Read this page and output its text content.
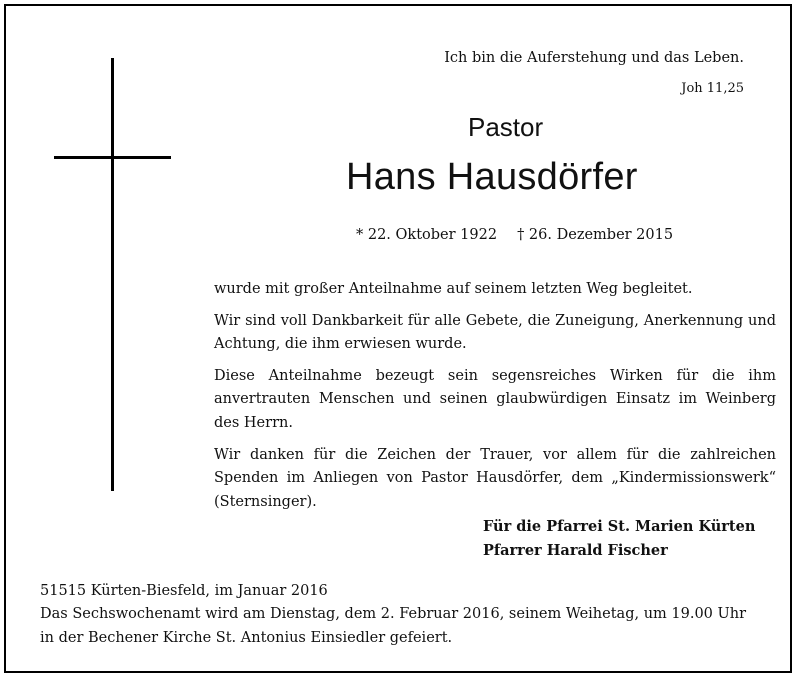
Ich bin die Auferstehung und das Leben.
Joh 11,25
Pastor
Hans Hausdörfer
* 22. Oktober 1922 † 26. Dezember 2015

wurde mit großer Anteilnahme auf seinem letzten Weg begleitet.

Wir sind voll Dankbarkeit für alle Gebete, die Zuneigung, Anerkennung und Achtung, die ihm erwiesen wurde.

Diese Anteilnahme bezeugt sein segensreiches Wirken für die ihm anvertrauten Menschen und seinen glaubwürdigen Einsatz im Weinberg des Herrn.

Wir danken für die Zeichen der Trauer, vor allem für die zahlreichen Spenden im Anliegen von Pastor Hausdörfer, dem „Kindermissionswerk“ (Sternsinger).

Für die Pfarrei St. Marien Kürten
Pfarrer Harald Fischer
51515 Kürten-Biesfeld, im Januar 2016
Das Sechswochenamt wird am Dienstag, dem 2. Februar 2016, seinem Weihetag, um 19.00 Uhr
in der Bechener Kirche St. Antonius Einsiedler gefeiert.
